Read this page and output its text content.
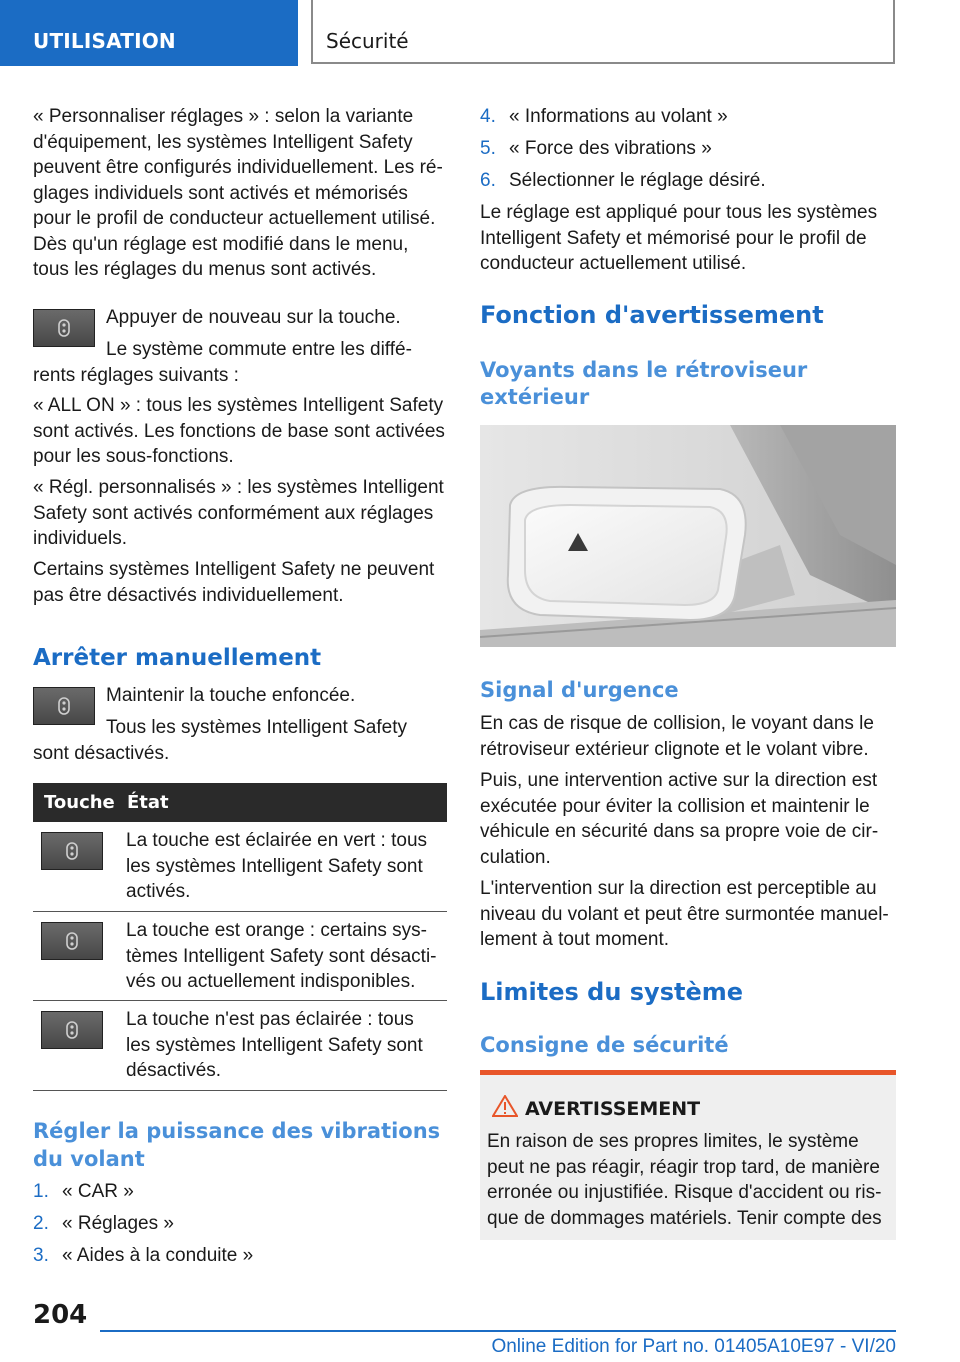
UTILISATION	Sécurité

« Personnaliser réglages » : selon la variante

d'équipement, les systèmes Intelligent Safety

peuvent être configurés individuellement. Les ré-

glages individuels sont activés et mémorisés

pour le profil de conducteur actuellement utilisé.

Dès qu'un réglage est modifié dans le menu,

tous les réglages du menus sont activés.

Appuyer de nouveau sur la touche.

Le système commute entre les diffé-

rents réglages suivants :

« ALL ON » : tous les systèmes Intelligent Safety

sont activés. Les fonctions de base sont activées

pour les sous-fonctions.

« Régl. personnalisés » : les systèmes Intelligent

Safety sont activés conformément aux réglages

individuels.

Certains systèmes Intelligent Safety ne peuvent

pas être désactivés individuellement.

Arrêter manuellement

Maintenir la touche enfoncée.

Tous les systèmes Intelligent Safety

sont désactivés.

Touche État
La touche est éclairée en vert : tous
les systèmes Intelligent Safety sont
activés.
La touche est orange : certains sys-
tèmes Intelligent Safety sont désacti-
vés ou actuellement indisponibles.
La touche n'est pas éclairée : tous
les systèmes Intelligent Safety sont
désactivés.
Régler la puissance des vibrations
du volant
1. « CAR »
2. « Réglages »
3. « Aides à la conduite »
4. « Informations au volant »
5. « Force des vibrations »
6. Sélectionner le réglage désiré.

Le réglage est appliqué pour tous les systèmes

Intelligent Safety et mémorisé pour le profil de

conducteur actuellement utilisé.

Fonction d'avertissement
Voyants dans le rétroviseur
extérieur
Signal d'urgence

En cas de risque de collision, le voyant dans le

rétroviseur extérieur clignote et le volant vibre.

Puis, une intervention active sur la direction est

exécutée pour éviter la collision et maintenir le

véhicule en sécurité dans sa propre voie de cir-

culation.

L'intervention sur la direction est perceptible au

niveau du volant et peut être surmontée manuel-

lement à tout moment.

Limites du système
Consigne de sécurité
AVERTISSEMENT

En raison de ses propres limites, le système

peut ne pas réagir, réagir trop tard, de manière

erronée ou injustifiée. Risque d'accident ou ris-

que de dommages matériels. Tenir compte des

204
Online Edition for Part no. 01405A10E97 - VI/20
